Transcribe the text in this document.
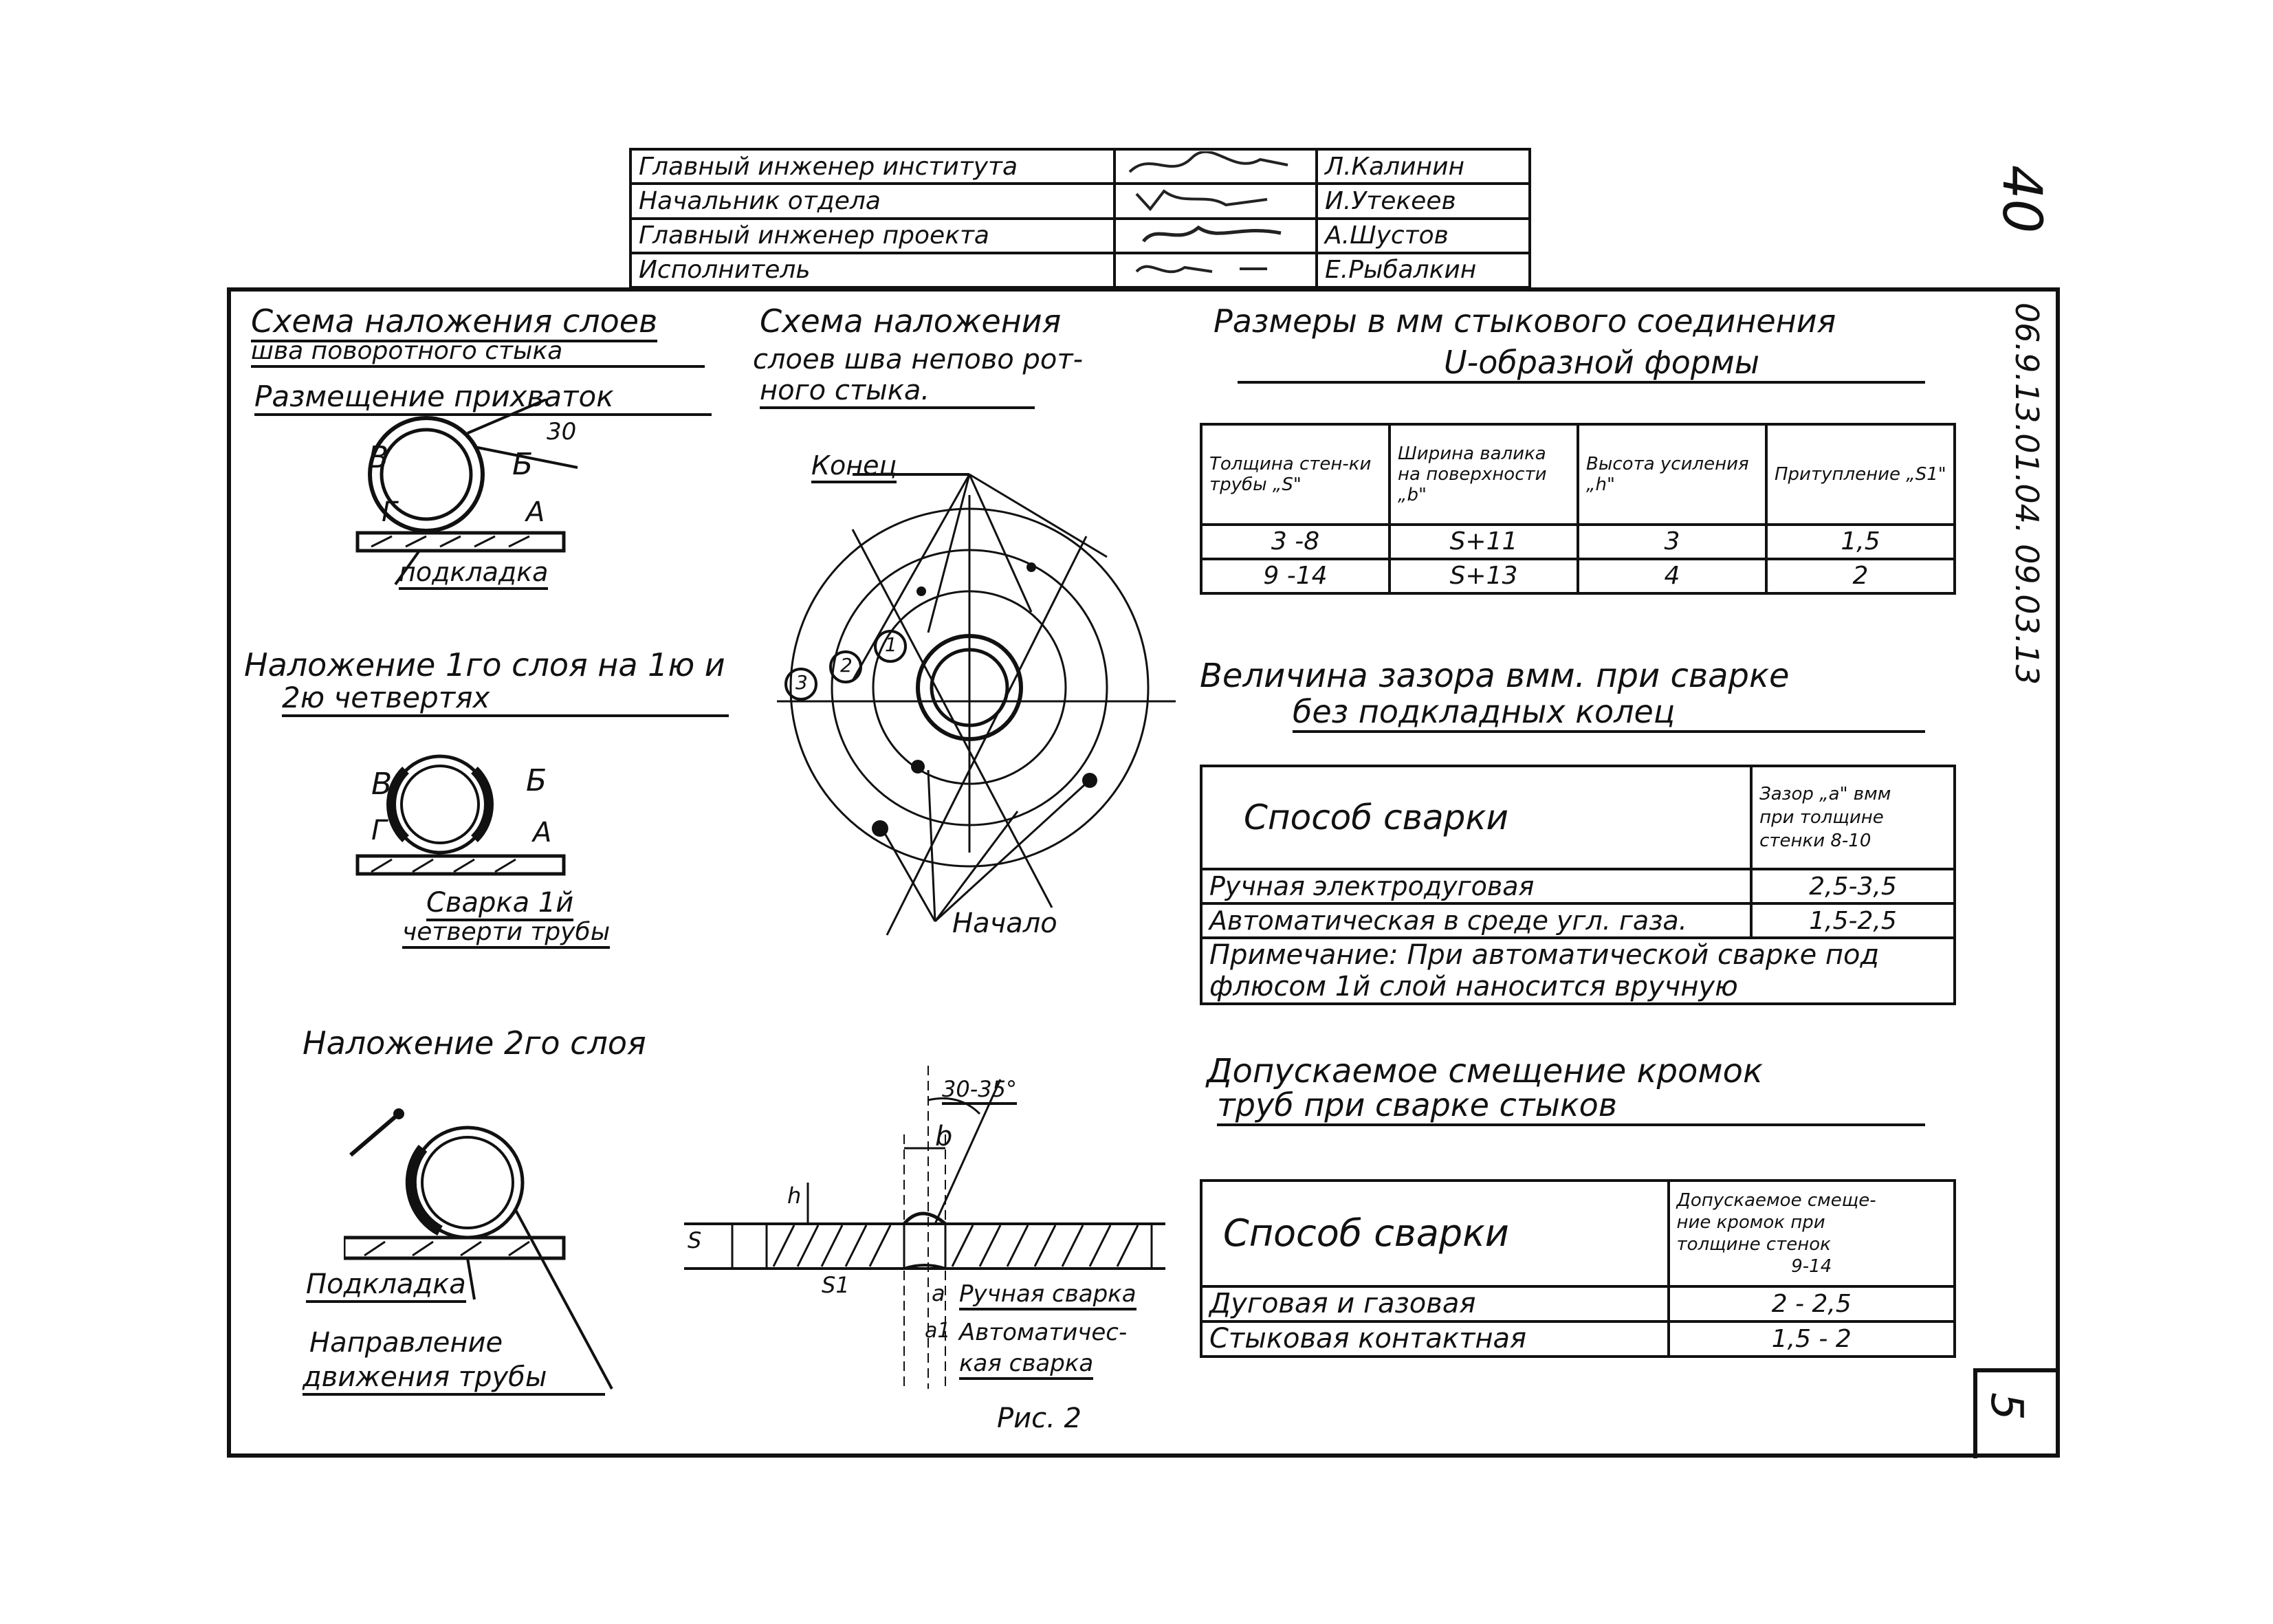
40
Главный инженер института		Л.Калинин
Начальник отдела		И.Утекеев
Главный инженер проекта		А.Шустов
Исполнитель		Е.Рыбалкин
06.9.13.01.04. 09.03.13
5
Схема наложения слоев
шва поворотного стыка
Размещение прихваток
30
В	Б
Г	А
подкладка
Наложение 1го слоя на 1ю и
2ю четвертях
В	Б
Г	А
Сварка 1й
четверти трубы
Наложение 2го слоя
Подкладка
Направление
движения трубы
Схема наложения
слоев шва непово рот-
ного стыка.
Конец
Начало
1
2
3
30-35°
b
h
S
S1	а Ручная сварка
а1 Автоматичес-
кая сварка
Рис. 2
Размеры в мм стыкового соединения
U-образной формы
Толщина стен-ки трубы „S"	Ширина валика на поверхности „b"	Высота усиления „h"	Притупление „S1"
3 -8	S+11	3	1,5
9 -14	S+13	4	2
Величина зазора вмм. при сварке
без подкладных колец
Способ сварки	Зазор „а" вмм
при толщине
стенки 8-10

Ручная электродуговая	2,5-3,5
Автоматическая в среде угл. газа.	1,5-2,5

Примечание: При автоматической сварке под
флюсом 1й слой наносится вручную	
Допускаемое смещение кромок
труб при сварке стыков
Способ сварки	Допускаемое смеще-
ние кромок при
толщине стенок
9-14

Дуговая и газовая	2 - 2,5
Стыковая контактная	1,5 - 2
